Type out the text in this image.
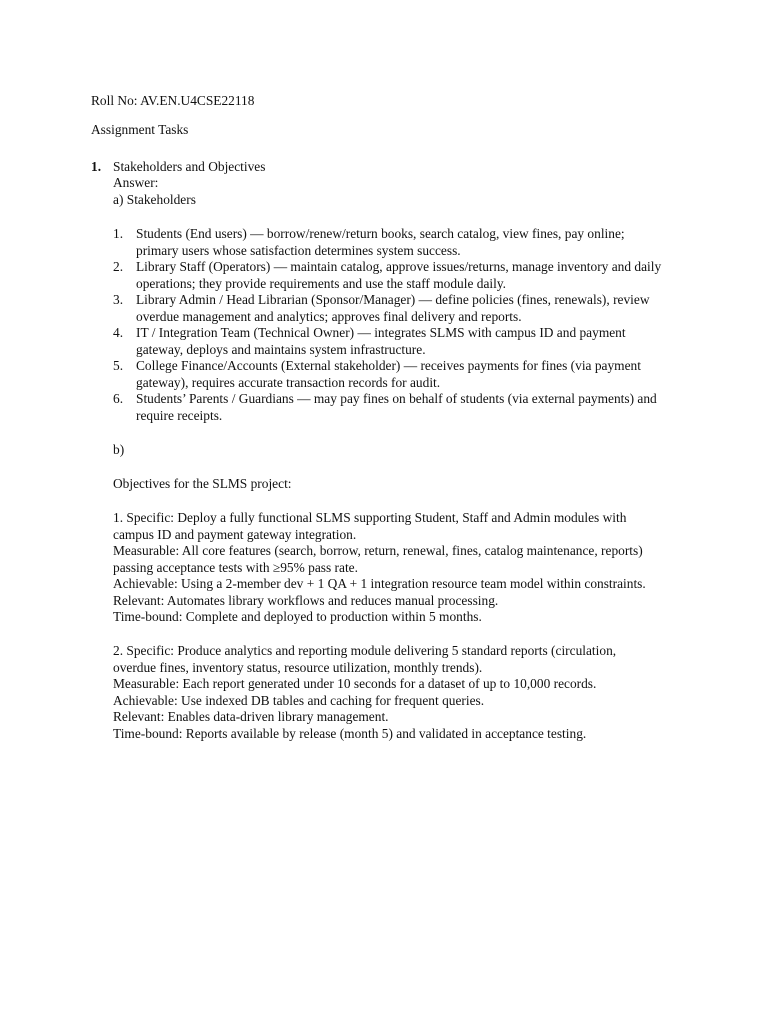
Roll No: AV.EN.U4CSE22118
Assignment Tasks
1. Stakeholders and Objectives
Answer:
a) Stakeholders
1. Students (End users) — borrow/renew/return books, search catalog, view fines, pay online;
primary users whose satisfaction determines system success.
2. Library Staff (Operators) — maintain catalog, approve issues/returns, manage inventory and daily
operations; they provide requirements and use the staff module daily.
3. Library Admin / Head Librarian (Sponsor/Manager) — define policies (fines, renewals), review
overdue management and analytics; approves final delivery and reports.
4. IT / Integration Team (Technical Owner) — integrates SLMS with campus ID and payment
gateway, deploys and maintains system infrastructure.
5. College Finance/Accounts (External stakeholder) — receives payments for fines (via payment
gateway), requires accurate transaction records for audit.
6. Students’ Parents / Guardians — may pay fines on behalf of students (via external payments) and
require receipts.
b)
Objectives for the SLMS project:
1. Specific: Deploy a fully functional SLMS supporting Student, Staff and Admin modules with
campus ID and payment gateway integration.
Measurable: All core features (search, borrow, return, renewal, fines, catalog maintenance, reports)
passing acceptance tests with ≥95% pass rate.
Achievable: Using a 2-member dev + 1 QA + 1 integration resource team model within constraints.
Relevant: Automates library workflows and reduces manual processing.
Time-bound: Complete and deployed to production within 5 months.
2. Specific: Produce analytics and reporting module delivering 5 standard reports (circulation,
overdue fines, inventory status, resource utilization, monthly trends).
Measurable: Each report generated under 10 seconds for a dataset of up to 10,000 records.
Achievable: Use indexed DB tables and caching for frequent queries.
Relevant: Enables data-driven library management.
Time-bound: Reports available by release (month 5) and validated in acceptance testing.
